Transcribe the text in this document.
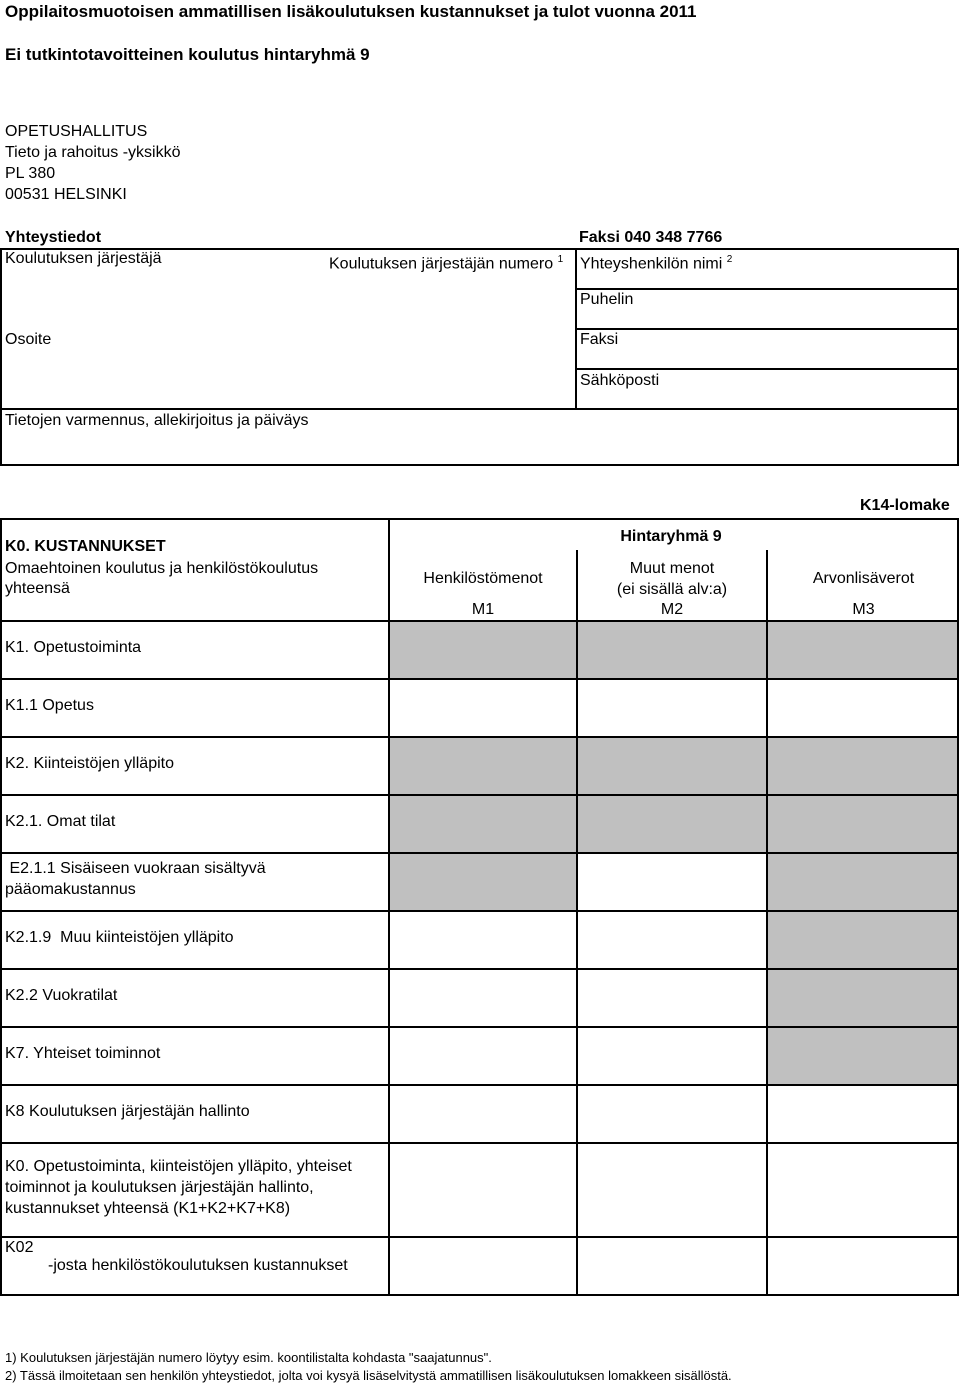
Oppilaitosmuotoisen ammatillisen lisäkoulutuksen kustannukset ja tulot vuonna 2011
Ei tutkintotavoitteinen koulutus hintaryhmä 9
OPETUSHALLITUS
Tieto ja rahoitus -yksikkö
PL 380
00531 HELSINKI
Yhteystiedot	Faksi 040 348 7766
Koulutuksen järjestäjä	Koulutuksen järjestäjän numero $^1$ Yhteyshenkilön nimi $^2$
Puhelin
Osoite	Faksi
Sähköposti
Tietojen varmennus, allekirjoitus ja päiväys
K14-lomake
K0. KUSTANNUKSET
Omaehtoinen koulutus ja henkilöstökoulutus
yhteensä
Hintaryhmä 9
Henkilöstömenot
M1
Muut menot
(ei sisällä alv:a)
M2
Arvonlisäverot
M3
K1. Opetustoiminta
K1.1 Opetus
K2. Kiinteistöjen ylläpito
K2.1. Omat tilat
E2.1.1 Sisäiseen vuokraan sisältyvä
pääomakustannus
K2.1.9  Muu kiinteistöjen ylläpito
K2.2 Vuokratilat
K7. Yhteiset toiminnot
K8 Koulutuksen järjestäjän hallinto
K0. Opetustoiminta, kiinteistöjen ylläpito, yhteiset
toiminnot ja koulutuksen järjestäjän hallinto,
kustannukset yhteensä (K1+K2+K7+K8)
K02
-josta henkilöstökoulutuksen kustannukset
1) Koulutuksen järjestäjän numero löytyy esim. koontilistalta kohdasta "saajatunnus".
2) Tässä ilmoitetaan sen henkilön yhteystiedot, jolta voi kysyä lisäselvitystä ammatillisen lisäkoulutuksen lomakkeen sisällöstä.
